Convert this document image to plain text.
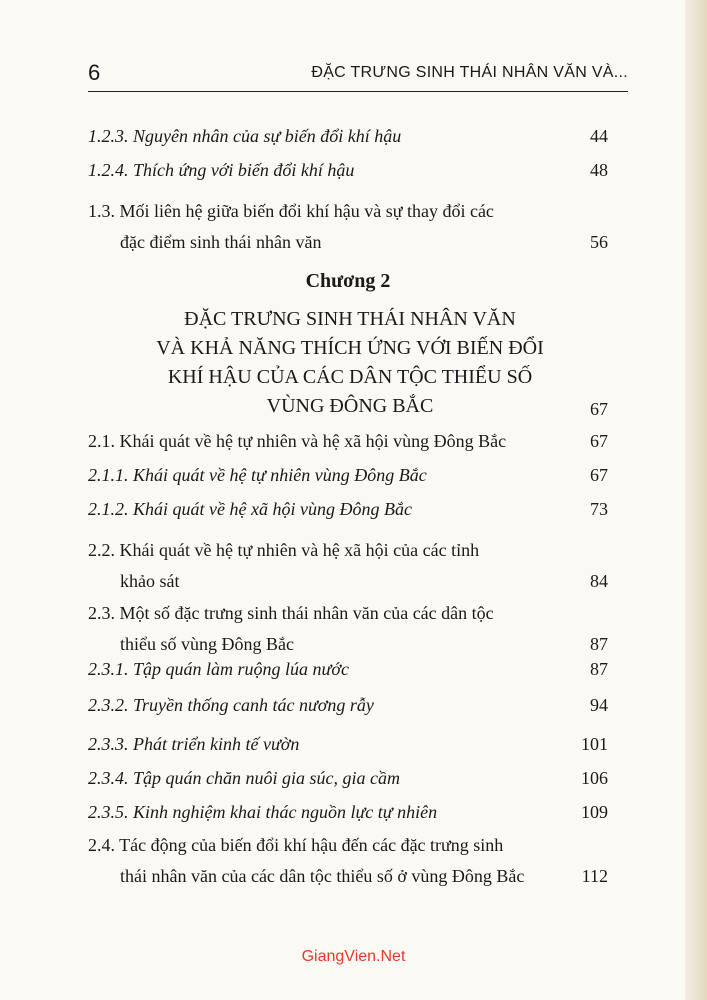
6	ĐẶC TRƯNG SINH THÁI NHÂN VĂN VÀ...
1.2.3. Nguyên nhân của sự biến đổi khí hậu	44
1.2.4. Thích ứng với biến đổi khí hậu	48
1.3. Mối liên hệ giữa biến đổi khí hậu và sự thay đổi các đặc điểm sinh thái nhân văn	56
Chương 2
ĐẶC TRƯNG SINH THÁI NHÂN VĂN
VÀ KHẢ NĂNG THÍCH ỨNG VỚI BIẾN ĐỔI
KHÍ HẬU CỦA CÁC DÂN TỘC THIỂU SỐ
VÙNG ĐÔNG BẮC	67
2.1. Khái quát về hệ tự nhiên và hệ xã hội vùng Đông Bắc	67
2.1.1. Khái quát về hệ tự nhiên vùng Đông Bắc	67
2.1.2. Khái quát về hệ xã hội vùng Đông Bắc	73
2.2. Khái quát về hệ tự nhiên và hệ xã hội của các tỉnh khảo sát	84
2.3. Một số đặc trưng sinh thái nhân văn của các dân tộc thiểu số vùng Đông Bắc	87
2.3.1. Tập quán làm ruộng lúa nước	87
2.3.2. Truyền thống canh tác nương rẫy	94
2.3.3. Phát triển kinh tế vườn	101
2.3.4. Tập quán chăn nuôi gia súc, gia cầm	106
2.3.5. Kinh nghiệm khai thác nguồn lực tự nhiên	109
2.4. Tác động của biến đổi khí hậu đến các đặc trưng sinh thái nhân văn của các dân tộc thiểu số ở vùng Đông Bắc	112
GiangVien.Net
